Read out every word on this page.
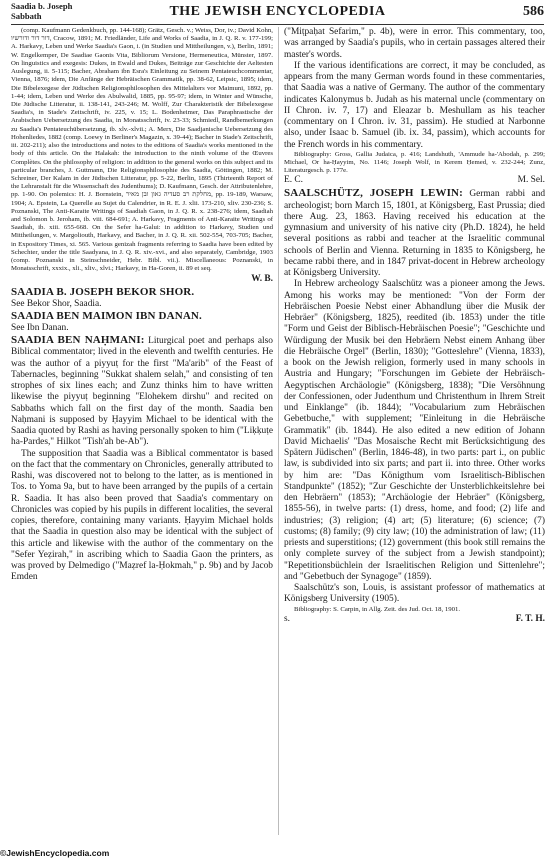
Saadia b. Joseph
Sabbath	THE JEWISH ENCYCLOPEDIA	586

(comp. Kaufmann Gedenkbuch, pp. 144-168); Grätz, Gesch. v.; Weiss, Dor, iv.; David Kohn, דור דור ודורשיו, Cracow, 1891; M. Friedländer, Life and Works of Saadia, in J. Q. R. v. 177-199; A. Harkavy, Leben und Werke Saadia's Gaon, i. (in Studien und Mittheilungen, v.), Berlin, 1891; W. Engelkemper, De Saadiae Gaonis Vita, Bibliorum Versione, Hermeneutica, Münster, 1897. On linguistics and exegesis: Dukes, in Ewald and Dukes, Beiträge zur Geschichte der Aeltesten Auslegung, ii. 5-115; Bacher, Abraham ibn Esra's Einleitung zu Seinem Pentateuchcommentar, Vienna, 1876; idem, Die Anfänge der Hebräischen Grammatik, pp. 38-62, Leipsic, 1895; idem, Die Bibelexegese der Jüdischen Religionsphilosophen des Mittelalters vor Maimuni, 1892, pp. 1-44; idem, Leben und Werke des Abulwalid, 1885, pp. 95-97; idem, in Winter and Wünsche, Die Jüdische Litteratur, ii. 138-141, 243-246; M. Wolff, Zur Charakteristik der Bibelexegese Saadia's, in Stade's Zeitschrift, iv. 225, v. 15; L. Bodenheimer, Das Paraphrastische der Arabischen Uebersetzung des Saadia, in Monatsschrift, iv. 23-33; Schmiedl, Randbemerkungen zu Saadia's Pentateuchübersetzung, ib. xlv.-xlvii.; A. Merx, Die Saadjanische Uebersetzung des Hohenliedes, 1882 (comp. Loewy in Berliner's Magazin, x. 39-44); Bacher in Stade's Zeitschrift, iii. 202-211); also the introductions and notes to the editions of Saadia's works mentioned in the body of this article. On the Halakah: the introduction to the ninth volume of the Œuvres Complètes. On the philosophy of religion: in addition to the general works on this subject and its particular branches, J. Guttmann, Die Religionsphilosophie des Saadia, Göttingen, 1882; M. Schreiner, Der Kalam in der Jüdischen Litteratur, pp. 5-22, Berlin, 1895 (Thirteenth Report of the Lehranstalt für die Wissenschaft des Judenthums); D. Kaufmann, Gesch. der Attributenlehre, pp. 1-90. On polemics: H. J. Bornstein, מחלקת רב סעדיה גאון ובן מאיר, pp. 19-189, Warsaw, 1904; A. Epstein, La Querelle au Sujet du Calendrier, in R. E. J. xlii. 173-210, xliv. 230-236; S. Poznanski, The Anti-Karaite Writings of Saadiah Gaon, in J. Q. R. x. 238-276; idem, Saadiah and Solomon b. Jeroham, ib. viii. 684-691; A. Harkavy, Fragments of Anti-Karaite Writings of Saadiah, ib. xiii. 655-668. On the Sefer ha-Galui: in addition to Harkavy, Studien und Mittheilungen, v. Margoliouth, Harkavy, and Bacher, in J. Q. R. xii. 502-554, 703-705; Bacher, in Expository Times, xi. 565. Various genizah fragments referring to Saadia have been edited by Schechter, under the title Saadyana, in J. Q. R. xiv.-xvi., and also separately, Cambridge, 1903 (comp. Poznanski in Steinschneider, Hebr. Bibl. vii.). Miscellaneous: Poznanski, in Monatsschrift, xxxix., xli., xliv., xlvi.; Harkavy, in Ha-Goren, ii. 89 et seq.

W. B.

SAADIA B. JOSEPH BEKOR SHOR.

See Bekor Shor, Saadia.

SAADIA BEN MAIMON IBN DANAN.

See Ibn Danan.

SAADIA BEN NAḤMANI: Liturgical poet and perhaps also Biblical commentator; lived in the eleventh and twelfth centuries. He was the author of a piyyuṭ for the first "Ma'arib" of the Feast of Tabernacles, beginning "Sukkat shalem selah," and consisting of ten strophes of six lines each; and Zunz thinks him to have written likewise the piyyuṭ beginning "Elohekem dirshu" and recited on Sabbaths which fall on the first day of the month. Saadia ben Naḥmani is supposed by Ḥayyim Michael to be identical with the Saadia quoted by Rashi as having personally spoken to him ("Liḳḳuṭe ha-Pardes," Hilkot "Tish'ah be-Ab").

The supposition that Saadia was a Biblical commentator is based on the fact that the commentary on Chronicles, generally attributed to Rashi, was discovered not to belong to the latter, as is mentioned in Tos. to Yoma 9a, but to have been arranged by the pupils of a certain R. Saadia. It has also been proved that Saadia's commentary on Chronicles was copied by his pupils in different localities, the several copies, therefore, containing many variants. Ḥayyim Michael holds that the Saadia in question also may be identical with the subject of this article and likewise with the author of the commentary on the "Sefer Yeẓirah," in ascribing which to Saadia Gaon the printers, as was proved by Delmedigo ("Maẓref la-Ḥokmah," p. 9b) and by Jacob Emden

("Miṭpaḥat Sefarim," p. 4b), were in error. This commentary, too, was arranged by Saadia's pupils, who in certain passages altered their master's words.

If the various identifications are correct, it may be concluded, as appears from the many German words found in these commentaries, that Saadia was a native of Germany. The author of the commentary indicates Kalonymus b. Judah as his maternal uncle (commentary on II Chron. iv. 7, 17) and Eleazar b. Meshullam as his teacher (commentary on I Chron. iv. 31, passim). He studied at Narbonne also, under Isaac b. Samuel (ib. ix. 34, passim), which accounts for the French words in his commentary.

Bibliography: Gross, Gallia Judaica, p. 416; Landshuth, 'Ammude ha-'Abodah, p. 299; Michael, Or ha-Ḥayyim, No. 1146; Joseph Wolf, in Kerem Ḥemed, v. 232-244; Zunz, Literaturgesch. p. 177e.

E. C.	M. Sel.

SAALSCHÜTZ, JOSEPH LEWIN: German rabbi and archeologist; born March 15, 1801, at Königsberg, East Prussia; died there Aug. 23, 1863. Having received his education at the gymnasium and university of his native city (Ph.D. 1824), he held several positions as rabbi and teacher at the Israelitic communal schools of Berlin and Vienna. Returning in 1835 to Königsberg, he became rabbi there, and in 1847 privat-docent in Hebrew archeology at Königsberg University.

In Hebrew archeology Saalschütz was a pioneer among the Jews. Among his works may be mentioned: "Von der Form der Hebräischen Poesie Nebst einer Abhandlung über die Musik der Hebräer" (Königsberg, 1825), reedited (ib. 1853) under the title "Form und Geist der Biblisch-Hebräischen Poesie"; "Geschichte und Würdigung der Musik bei den Hebräern Nebst einem Anhang über die Hebräische Orgel" (Berlin, 1830); "Gotteslehre" (Vienna, 1833), a book on the Jewish religion, formerly used in many schools in Austria and Hungary; "Forschungen im Gebiete der Hebräisch-Aegyptischen Archäologie" (Königsberg, 1838); "Die Versöhnung der Confessionen, oder Judenthum und Christenthum in Ihrem Streit und Einklange" (ib. 1844); "Vocabularium zum Hebräischen Gebetbuche," with supplement; "Einleitung in die Hebräische Grammatik" (ib. 1844). He also edited a new edition of Johann David Michaelis' "Das Mosaische Recht mit Berücksichtigung des Spätern Jüdischen" (Berlin, 1846-48), in two parts: part i., on public law, is subdivided into six parts; and part ii. into three. Other works by him are: "Das Königthum vom Israelitisch-Biblischen Standpunkte" (1852); "Zur Geschichte der Unsterblichkeitslehre bei den Hebräern" (1853); "Archäologie der Hebräer" (Königsberg, 1855-56), in twelve parts: (1) dress, home, and food; (2) life and industries; (3) religion; (4) art; (5) literature; (6) science; (7) customs; (8) family; (9) city law; (10) the administration of law; (11) priests and superstitions; (12) government (this book still remains the only complete survey of the subject from a Jewish standpoint); "Repetitionsbüchlein der Israelitischen Religion und Sittenlehre"; and "Gebetbuch der Synagoge" (1859).

Saalschütz's son, Louis, is assistant professor of mathematics at Königsberg University (1905).

Bibliography: S. Carpin, in Allg. Zeit. des Jud. Oct. 18, 1901.

s.	F. T. H.

©JewishEncyclopedia.com
